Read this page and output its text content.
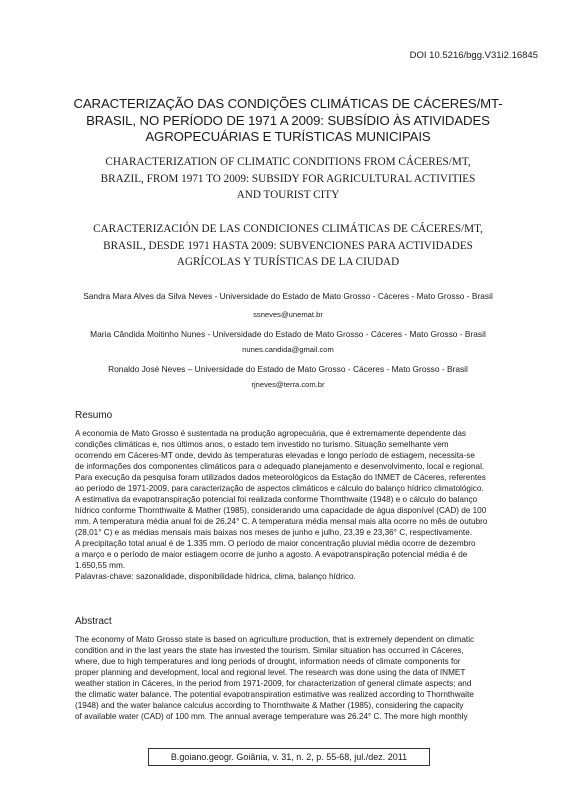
DOI 10.5216/bgg.V31i2.16845
CARACTERIZAÇÃO DAS CONDIÇÕES CLIMÁTICAS DE CÁCERES/MT-
BRASIL, NO PERÍODO DE 1971 A 2009: SUBSÍDIO ÀS ATIVIDADES
AGROPECUÁRIAS E TURÍSTICAS MUNICIPAIS
CHARACTERIZATION OF CLIMATIC CONDITIONS FROM CÁCERES/MT,
BRAZIL, FROM 1971 TO 2009: SUBSIDY FOR AGRICULTURAL ACTIVITIES
AND TOURIST CITY
CARACTERIZACIÓN DE LAS CONDICIONES CLIMÁTICAS DE CÁCERES/MT,
BRASIL, DESDE 1971 HASTA 2009: SUBVENCIONES PARA ACTIVIDADES
AGRÍCOLAS Y TURÍSTICAS DE LA CIUDAD
Sandra Mara Alves da Silva Neves - Universidade do Estado de Mato Grosso - Cáceres - Mato Grosso - Brasil
ssneves@unemat.br
Maria Cândida Moitinho Nunes - Universidade do Estado de Mato Grosso - Cáceres - Mato Grosso - Brasil
nunes.candida@gmail.com
Ronaldo José Neves – Universidade do Estado de Mato Grosso - Cáceres - Mato Grosso - Brasil
rjneves@terra.com.br
Resumo
A economia de Mato Grosso é sustentada na produção agropecuária, que é extremamente dependente das
condições climáticas e, nos últimos anos, o estado tem investido no turismo. Situação semelhante vem
ocorrendo em Cáceres-MT onde, devido às temperaturas elevadas e longo período de estiagem, necessita-se
de informações dos componentes climáticos para o adequado planejamento e desenvolvimento, local e regional.
Para execução da pesquisa foram utilizados dados meteorológicos da Estação do INMET de Cáceres, referentes
ao período de 1971-2009, para caracterização de aspectos climáticos e cálculo do balanço hídrico climatológico.
A estimativa da evapotranspiração potencial foi realizada conforme Thornthwaite (1948) e o cálculo do balanço
hídrico conforme Thornthwaite & Mather (1985), considerando uma capacidade de água disponível (CAD) de 100
mm. A temperatura média anual foi de 26,24° C. A temperatura média mensal mais alta ocorre no mês de outubro
(28,01° C) e as médias mensais mais baixas nos meses de junho e julho, 23,39 e 23,36° C, respectivamente.
A precipitação total anual é de 1.335 mm. O período de maior concentração pluvial média ocorre de dezembro
a março e o período de maior estiagem ocorre de junho a agosto. A evapotranspiração potencial média é de
1.650,55 mm.
Palavras-chave: sazonalidade, disponibilidade hídrica, clima, balanço hídrico.
Abstract
The economy of Mato Grosso state is based on agriculture production, that is extremely dependent on climatic
condition and in the last years the state has invested the tourism. Similar situation has occurred in Cáceres,
where, due to high temperatures and long periods of drought, information needs of climate components for
proper planning and development, local and regional level. The research was done using the data of INMET
weather station in Cáceres, in the period from 1971-2009, for characterization of general climate aspects; and
the climatic water balance. The potential evapotranspiration estimative was realized according to Thornthwaite
(1948) and the water balance calculus according to Thornthwaite & Mather (1985), considering the capacity
of available water (CAD) of 100 mm. The annual average temperature was 26.24° C. The more high monthly
B.goiano.geogr. Goiânia, v. 31, n. 2, p. 55-68, jul./dez. 2011
